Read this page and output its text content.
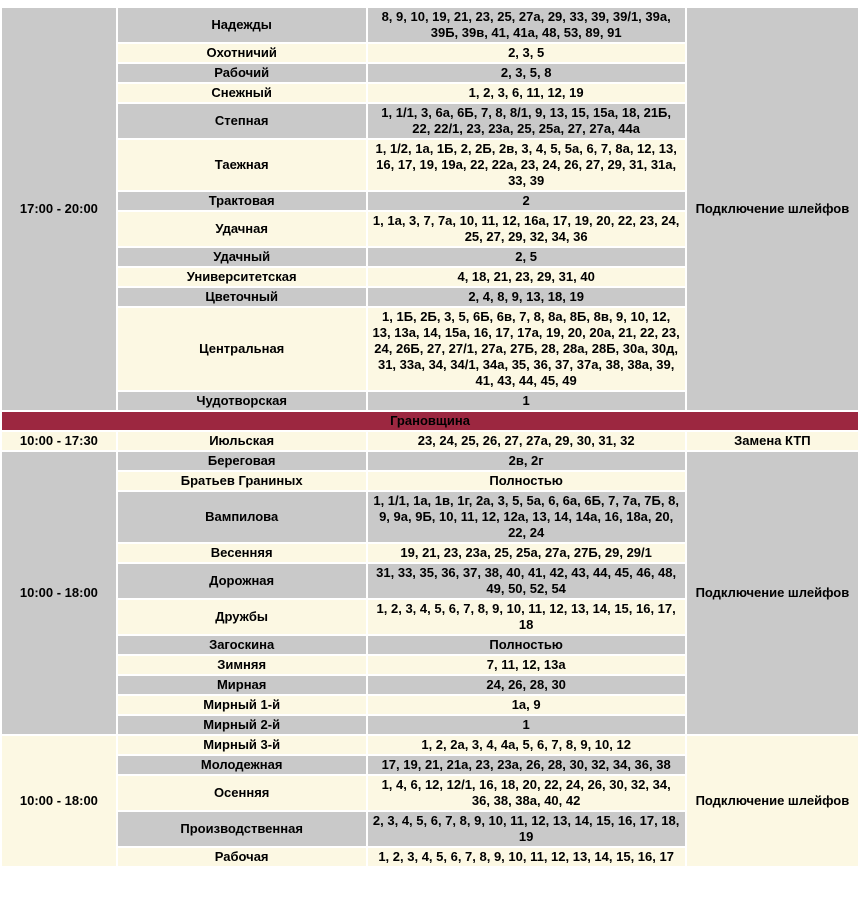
17:00 - 20:00	Надежды	8, 9, 10, 19, 21, 23, 25, 27а, 29, 33, 39, 39/1, 39а, 39Б, 39в, 41, 41а, 48, 53, 89, 91	Подключение шлейфов
	Охотничий	2, 3, 5	
	Рабочий	2, 3, 5, 8	
	Снежный	1, 2, 3, 6, 11, 12, 19	
	Степная	1, 1/1, 3, 6а, 6Б, 7, 8, 8/1, 9, 13, 15, 15а, 18, 21Б, 22, 22/1, 23, 23а, 25, 25а, 27, 27а, 44а	
	Таежная	1, 1/2, 1а, 1Б, 2, 2Б, 2в, 3, 4, 5, 5а, 6, 7, 8а, 12, 13, 16, 17, 19, 19а, 22, 22а, 23, 24, 26, 27, 29, 31, 31а, 33, 39	
	Трактовая	2	
	Удачная	1, 1а, 3, 7, 7а, 10, 11, 12, 16а, 17, 19, 20, 22, 23, 24, 25, 27, 29, 32, 34, 36	
	Удачный	2, 5	
	Университетская	4, 18, 21, 23, 29, 31, 40	
	Цветочный	2, 4, 8, 9, 13, 18, 19	
	Центральная	1, 1Б, 2Б, 3, 5, 6Б, 6в, 7, 8, 8а, 8Б, 8в, 9, 10, 12, 13, 13а, 14, 15а, 16, 17, 17а, 19, 20, 20а, 21, 22, 23, 24, 26Б, 27, 27/1, 27а, 27Б, 28, 28а, 28Б, 30а, 30д, 31, 33а, 34, 34/1, 34а, 35, 36, 37, 37а, 38, 38а, 39, 41, 43, 44, 45, 49	
	Чудотворская	1	
Грановщина			
10:00 - 17:30	Июльская	23, 24, 25, 26, 27, 27а, 29, 30, 31, 32	Замена КТП
10:00 - 18:00	Береговая	2в, 2г	Подключение шлейфов
	Братьев Граниных	Полностью	
	Вампилова	1, 1/1, 1а, 1в, 1г, 2а, 3, 5, 5а, 6, 6а, 6Б, 7, 7а, 7Б, 8, 9, 9а, 9Б, 10, 11, 12, 12а, 13, 14, 14а, 16, 18а, 20, 22, 24	
	Весенняя	19, 21, 23, 23а, 25, 25а, 27а, 27Б, 29, 29/1	
	Дорожная	31, 33, 35, 36, 37, 38, 40, 41, 42, 43, 44, 45, 46, 48, 49, 50, 52, 54	
	Дружбы	1, 2, 3, 4, 5, 6, 7, 8, 9, 10, 11, 12, 13, 14, 15, 16, 17, 18	
	Загоскина	Полностью	
	Зимняя	7, 11, 12, 13а	
	Мирная	24, 26, 28, 30	
	Мирный 1-й	1а, 9	
	Мирный 2-й	1	
10:00 - 18:00	Мирный 3-й	1, 2, 2а, 3, 4, 4а, 5, 6, 7, 8, 9, 10, 12	Подключение шлейфов
	Молодежная	17, 19, 21, 21а, 23, 23а, 26, 28, 30, 32, 34, 36, 38	
	Осенняя	1, 4, 6, 12, 12/1, 16, 18, 20, 22, 24, 26, 30, 32, 34, 36, 38, 38а, 40, 42	
	Производственная	2, 3, 4, 5, 6, 7, 8, 9, 10, 11, 12, 13, 14, 15, 16, 17, 18, 19	
	Рабочая	1, 2, 3, 4, 5, 6, 7, 8, 9, 10, 11, 12, 13, 14, 15, 16, 17	
